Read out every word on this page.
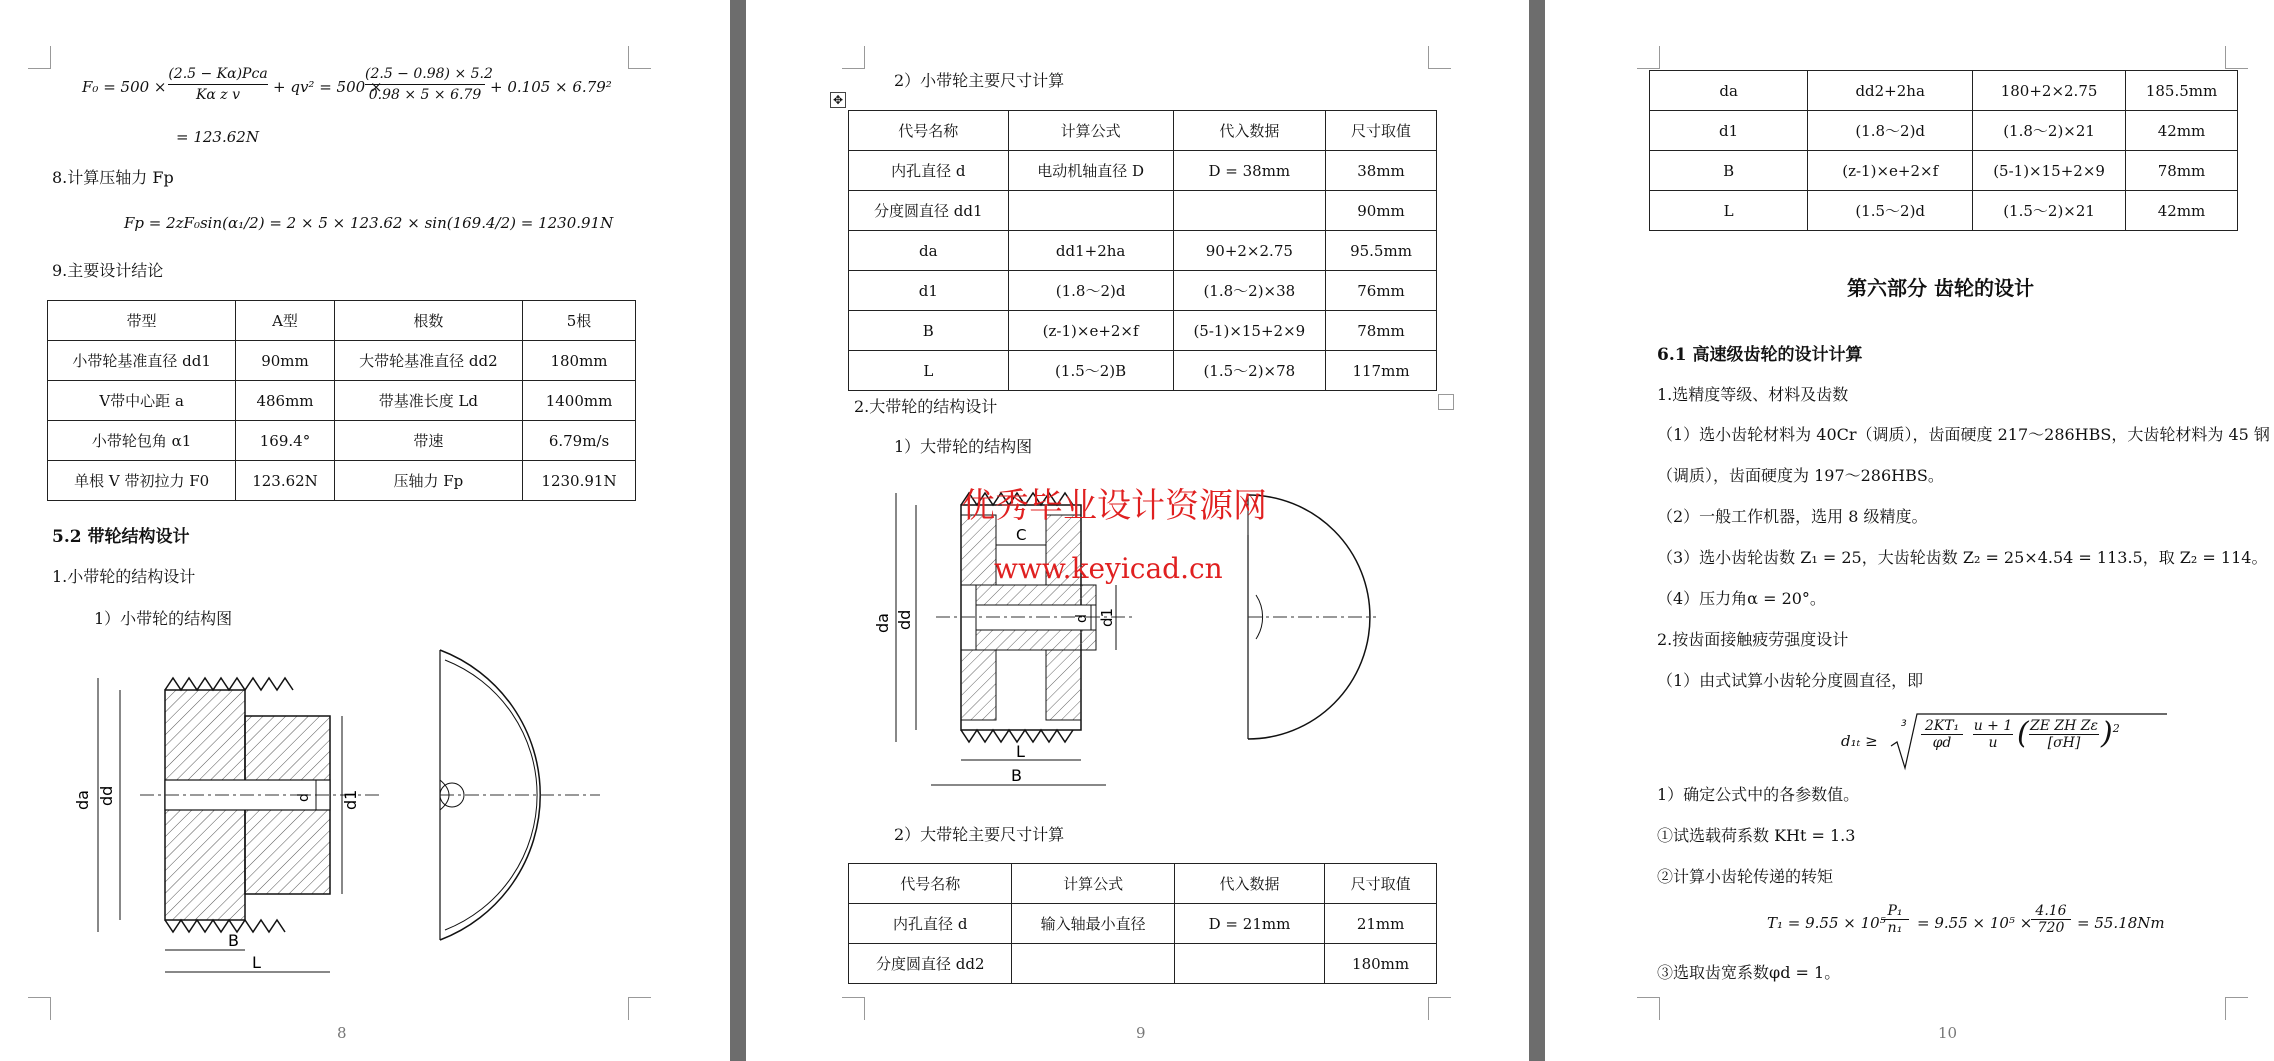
F₀ = 500 ×
(2.5 − Kα)Pca
Kα z v	+ qv² = 500 ×
(2.5 − 0.98) × 5.2
0.98 × 5 × 6.79 + 0.105 × 6.79²
= 123.62N
8.计算压轴力 Fp
Fp = 2zF₀sin(α₁/2) = 2 × 5 × 123.62 × sin(169.4/2) = 1230.91N
9.主要设计结论
带型	A型	根数	5根
小带轮基准直径 dd1	90mm	大带轮基准直径 dd2	180mm
V带中心距 a	486mm	带基准长度 Ld	1400mm
小带轮包角 α1	169.4°	带速	6.79m/s
单根 V 带初拉力 F0	123.62N	压轴力 Fp	1230.91N
5.2 带轮结构设计
1.小带轮的结构设计
1）小带轮的结构图
da dd	d1
d
B
L
8
2）小带轮主要尺寸计算
✥
代号名称	计算公式	代入数据	尺寸取值
内孔直径 d	电动机轴直径 D	D = 38mm	38mm
分度圆直径 dd1			90mm
da	dd1+2ha	90+2×2.75	95.5mm
d1	(1.8～2)d	(1.8～2)×38	76mm
B	(z-1)×e+2×f	(5-1)×15+2×9	78mm
L	(1.5～2)B	(1.5～2)×78	117mm
2.大带轮的结构设计
1）大带轮的结构图
da dd	d d1
C
L
B
优秀毕业设计资源网
www.keyicad.cn
2）大带轮主要尺寸计算
代号名称	计算公式	代入数据	尺寸取值
内孔直径 d	输入轴最小直径	D = 21mm	21mm
分度圆直径 dd2			180mm
9
da	dd2+2ha	180+2×2.75	185.5mm
d1	(1.8～2)d	(1.8～2)×21	42mm
B	(z-1)×e+2×f	(5-1)×15+2×9	78mm
L	(1.5～2)d	(1.5～2)×21	42mm
第六部分 齿轮的设计
6.1 高速级齿轮的设计计算
1.选精度等级、材料及齿数
（1）选小齿轮材料为 40Cr（调质），齿面硬度 217～286HBS，大齿轮材料为 45 钢
（调质），齿面硬度为 197～286HBS。
（2）一般工作机器，选用 8 级精度。
（3）选小齿轮齿数 Z₁ = 25，大齿轮齿数 Z₂ = 25×4.54 = 113.5，取 Z₂ = 114。
（4）压力角α = 20°。
2.按齿面接触疲劳强度设计
（1）由式试算小齿轮分度圆直径，即
d₁ₜ ≥
3 2KT₁
φd
u + 1
u ( ZE ZH Zε
[σH] )$^2$
1）确定公式中的各参数值。
①试选载荷系数 KHt = 1.3
②计算小齿轮传递的转矩
T₁ = 9.55 × 10⁵
P₁
n₁ = 9.55 × 10⁵ ×
4.16
720 = 55.18Nm
③选取齿宽系数φd = 1。
10
